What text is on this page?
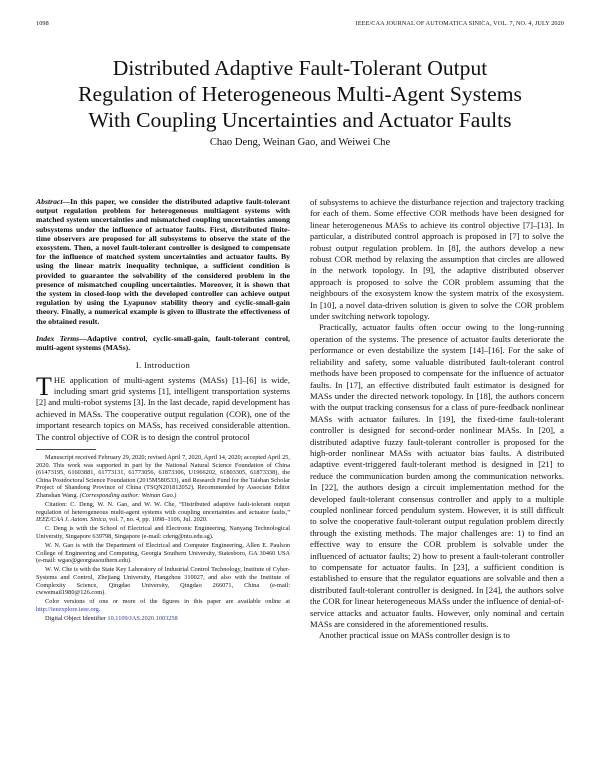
1098	IEEE/CAA JOURNAL OF AUTOMATICA SINICA, VOL. 7, NO. 4, JULY 2020
Distributed Adaptive Fault-Tolerant Output
Regulation of Heterogeneous Multi-Agent Systems
With Coupling Uncertainties and Actuator Faults
Chao Deng, Weinan Gao, and Weiwei Che

Abstract—In this paper, we consider the distributed adaptive fault-tolerant output regulation problem for heterogeneous multiagent systems with matched system uncertainties and mismatched coupling uncertainties among subsystems under the influence of actuator faults. First, distributed finite-time observers are proposed for all subsystems to observe the state of the exosystem. Then, a novel fault-tolerant controller is designed to compensate for the influence of matched system uncertainties and actuator faults. By using the linear matrix inequality technique, a sufficient condition is provided to guarantee the solvability of the considered problem in the presence of mismatched coupling uncertainties. Moreover, it is shown that the system in closed-loop with the developed controller can achieve output regulation by using the Lyapunov stability theory and cyclic-small-gain theory. Finally, a numerical example is given to illustrate the effectiveness of the obtained result.

Index Terms—Adaptive control, cyclic-small-gain, fault-tolerant control, multi-agent systems (MASs).

I. Introduction

THE application of multi-agent systems (MASs) [1]–[6] is wide, including smart grid systems [1], intelligent transportation systems [2] and multi-robot systems [3]. In the last decade, rapid development has achieved in MASs. The cooperative output regulation (COR), one of the important research topics on MASs, has received considerable attention. The control objective of COR is to design the control protocol

Manuscript received February 29, 2020; revised April 7, 2020, April 14, 2020; accepted April 25, 2020. This work was supported in part by the National Natural Science Foundation of China (61473195, 61603881, 61773131, 61773056, 61873306, U1966202, 61803305, 61873338), the China Postdoctoral Science Foundation (2015M580533), and Research Fund for the Taishan Scholar Project of Shandong Province of China (TSQN201812052). Recommended by Associate Editor Zhanshan Wang. (Corresponding author: Weinan Gao.)

Citation: C. Deng, W. N. Gao, and W. W. Che, “Distributed adaptive fault-tolerant output regulation of heterogeneous multi-agent systems with coupling uncertainties and actuator faults,” IEEE/CAA J. Autom. Sinica, vol. 7, no. 4, pp. 1098–1106, Jul. 2020.

C. Deng is with the School of Electrical and Electronic Engineering, Nanyang Technological University, Singapore 639798, Singapore (e-mail: cdeng@ntu.edu.sg).

W. N. Gao is with the Department of Electrical and Computer Engineering, Allen E. Paulson College of Engineering and Computing, Georgia Southern University, Statesboro, GA 30460 USA (e-mail: wgao@georgiasouthern.edu).

W. W. Che is with the State Key Laboratory of Industrial Control Technology, Institute of Cyber-Systems and Control, Zhejiang University, Hangzhou 310027, and also with the Institute of Complexity Science, Qingdao University, Qingdao 266071, China (e-mail: cwwemail1980@126.com).

Color versions of one or more of the figures in this paper are available online at http://ieeexplore.ieee.org.

Digital Object Identifier 10.1109/JAS.2020.1003258

of subsystems to achieve the disturbance rejection and trajectory tracking for each of them. Some effective COR methods have been designed for linear heterogeneous MASs to achieve its control objective [7]–[13]. In particular, a distributed control approach is proposed in [7] to solve the robust output regulation problem. In [8], the authors develop a new robust COR method by relaxing the assumption that circles are allowed in the network topology. In [9], the adaptive distributed observer approach is proposed to solve the COR problem assuming that the neighbours of the exosystem know the system matrix of the exosystem. In [10], a novel data-driven solution is given to solve the COR problem under switching network topology.

Practically, actuator faults often occur owing to the long-running operation of the systems. The presence of actuator faults deteriorate the performance or even destabilize the system [14]–[16]. For the sake of reliability and safety, some valuable distributed fault-tolerant control methods have been proposed to compensate for the influence of actuator faults. In [17], an effective distributed fault estimator is designed for MASs under the directed network topology. In [18], the authors concern with the output tracking consensus for a class of pure-feedback nonlinear MASs with actuator failures. In [19], the fixed-time fault-tolerant controller is designed for second-order nonlinear MASs. In [20], a distributed adaptive fuzzy fault-tolerant controller is proposed for the high-order nonlinear MASs with actuator bias faults. A distributed adaptive event-triggered fault-tolerant method is designed in [21] to reduce the communication burden among the communication networks. In [22], the authors design a circuit implementation method for the developed fault-tolerant consensus controller and apply to a multiple coupled nonlinear forced pendulum system. However, it is still difficult to solve the cooperative fault-tolerant output regulation problem directly through the existing methods. The major challenges are: 1) to find an effective way to ensure the COR problem is solvable under the influenced of actuator faults; 2) how to present a fault-tolerant controller to compensate for actuator faults. In [23], a sufficient condition is established to ensure that the regulator equations are solvable and then a distributed fault-tolerant controller is designed. In [24], the authors solve the COR for linear heterogeneous MASs under the influence of denial-of-service attacks and actuator faults. However, only nominal and certain MASs are considered in the aforementioned results.

Another practical issue on MASs controller design is to
